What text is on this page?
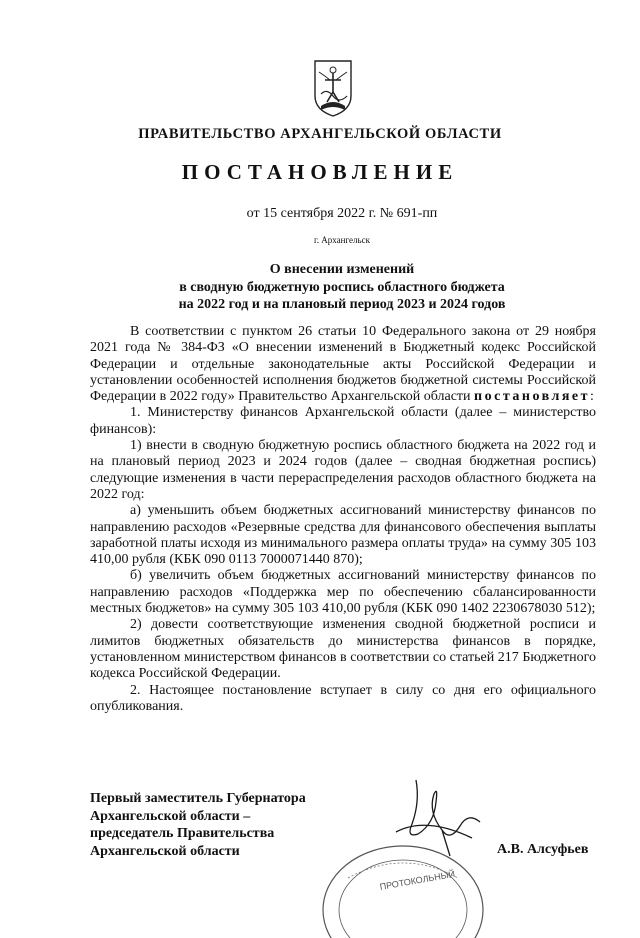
ПРАВИТЕЛЬСТВО АРХАНГЕЛЬСКОЙ ОБЛАСТИ
ПОСТАНОВЛЕНИЕ
от 15 сентября 2022 г. № 691-пп
г. Архангельск
О внесении изменений
в сводную бюджетную роспись областного бюджета
на 2022 год и на плановый период 2023 и 2024 годов

В соответствии с пунктом 26 статьи 10 Федерального закона от 29 ноября 2021 года № 384-ФЗ «О внесении изменений в Бюджетный кодекс Российской Федерации и отдельные законодательные акты Российской Федерации и установлении особенностей исполнения бюджетов бюджетной системы Российской Федерации в 2022 году» Правительство Архангельской области постановляет:

1. Министерству финансов Архангельской области (далее – министерство финансов):

1) внести в сводную бюджетную роспись областного бюджета на 2022 год и на плановый период 2023 и 2024 годов (далее – сводная бюджетная роспись) следующие изменения в части перераспределения расходов областного бюджета на 2022 год:

а) уменьшить объем бюджетных ассигнований министерству финансов по направлению расходов «Резервные средства для финансового обеспечения выплаты заработной платы исходя из минимального размера оплаты труда» на сумму 305 103 410,00 рубля (КБК 090 0113 7000071440 870);

б) увеличить объем бюджетных ассигнований министерству финансов по направлению расходов «Поддержка мер по обеспечению сбалансированности местных бюджетов» на сумму 305 103 410,00 рубля (КБК 090 1402 2230678030 512);

2) довести соответствующие изменения сводной бюджетной росписи и лимитов бюджетных обязательств до министерства финансов в порядке, установленном министерством финансов в соответствии со статьей 217 Бюджетного кодекса Российской Федерации.

2. Настоящее постановление вступает в силу со дня его официального опубликования.

Первый заместитель Губернатора
Архангельской области –
председатель Правительства
Архангельской области
ПРОТОКОЛЬНЫЙ
А.В. Алсуфьев
